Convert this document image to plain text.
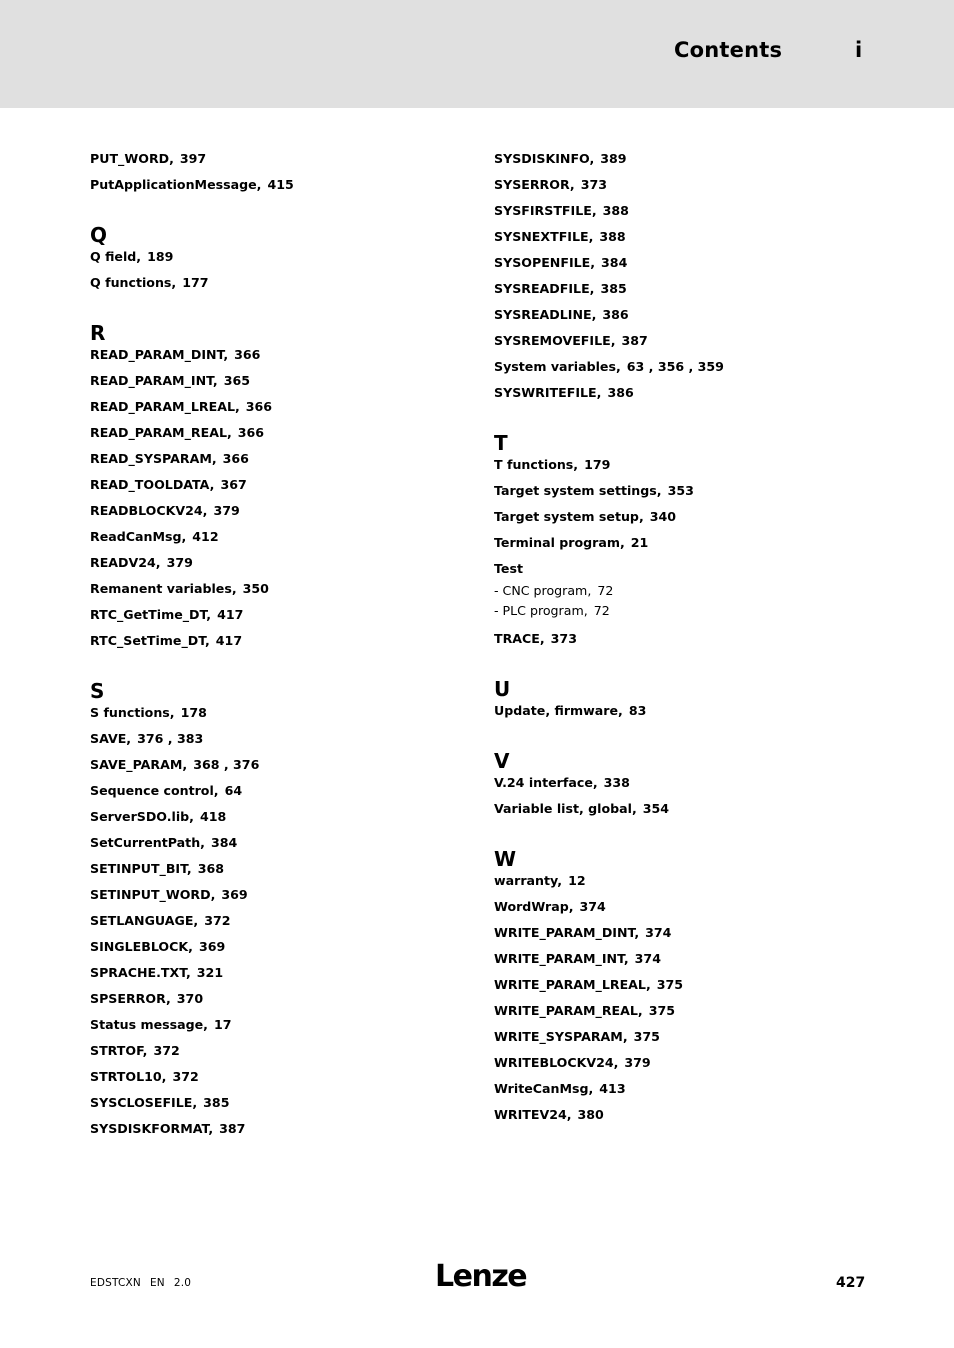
Contents	i
PUT_WORD, 397
PutApplicationMessage, 415
Q
Q field, 189
Q functions, 177
R
READ_PARAM_DINT, 366
READ_PARAM_INT, 365
READ_PARAM_LREAL, 366
READ_PARAM_REAL, 366
READ_SYSPARAM, 366
READ_TOOLDATA, 367
READBLOCKV24, 379
ReadCanMsg, 412
READV24, 379
Remanent variables, 350
RTC_GetTime_DT, 417
RTC_SetTime_DT, 417
S
S functions, 178
SAVE, 376 , 383
SAVE_PARAM, 368 , 376
Sequence control, 64
ServerSDO.lib, 418
SetCurrentPath, 384
SETINPUT_BIT, 368
SETINPUT_WORD, 369
SETLANGUAGE, 372
SINGLEBLOCK, 369
SPRACHE.TXT, 321
SPSERROR, 370
Status message, 17
STRTOF, 372
STRTOL10, 372
SYSCLOSEFILE, 385
SYSDISKFORMAT, 387
SYSDISKINFO, 389
SYSERROR, 373
SYSFIRSTFILE, 388
SYSNEXTFILE, 388
SYSOPENFILE, 384
SYSREADFILE, 385
SYSREADLINE, 386
SYSREMOVEFILE, 387
System variables, 63 , 356 , 359
SYSWRITEFILE, 386
T
T functions, 179
Target system settings, 353
Target system setup, 340
Terminal program, 21
Test
- CNC program, 72
- PLC program, 72
TRACE, 373
U
Update, firmware, 83
V
V.24 interface, 338
Variable list, global, 354
W
warranty, 12
WordWrap, 374
WRITE_PARAM_DINT, 374
WRITE_PARAM_INT, 374
WRITE_PARAM_LREAL, 375
WRITE_PARAM_REAL, 375
WRITE_SYSPARAM, 375
WRITEBLOCKV24, 379
WriteCanMsg, 413
WRITEV24, 380
EDSTCXN EN 2.0	Lenze	427
